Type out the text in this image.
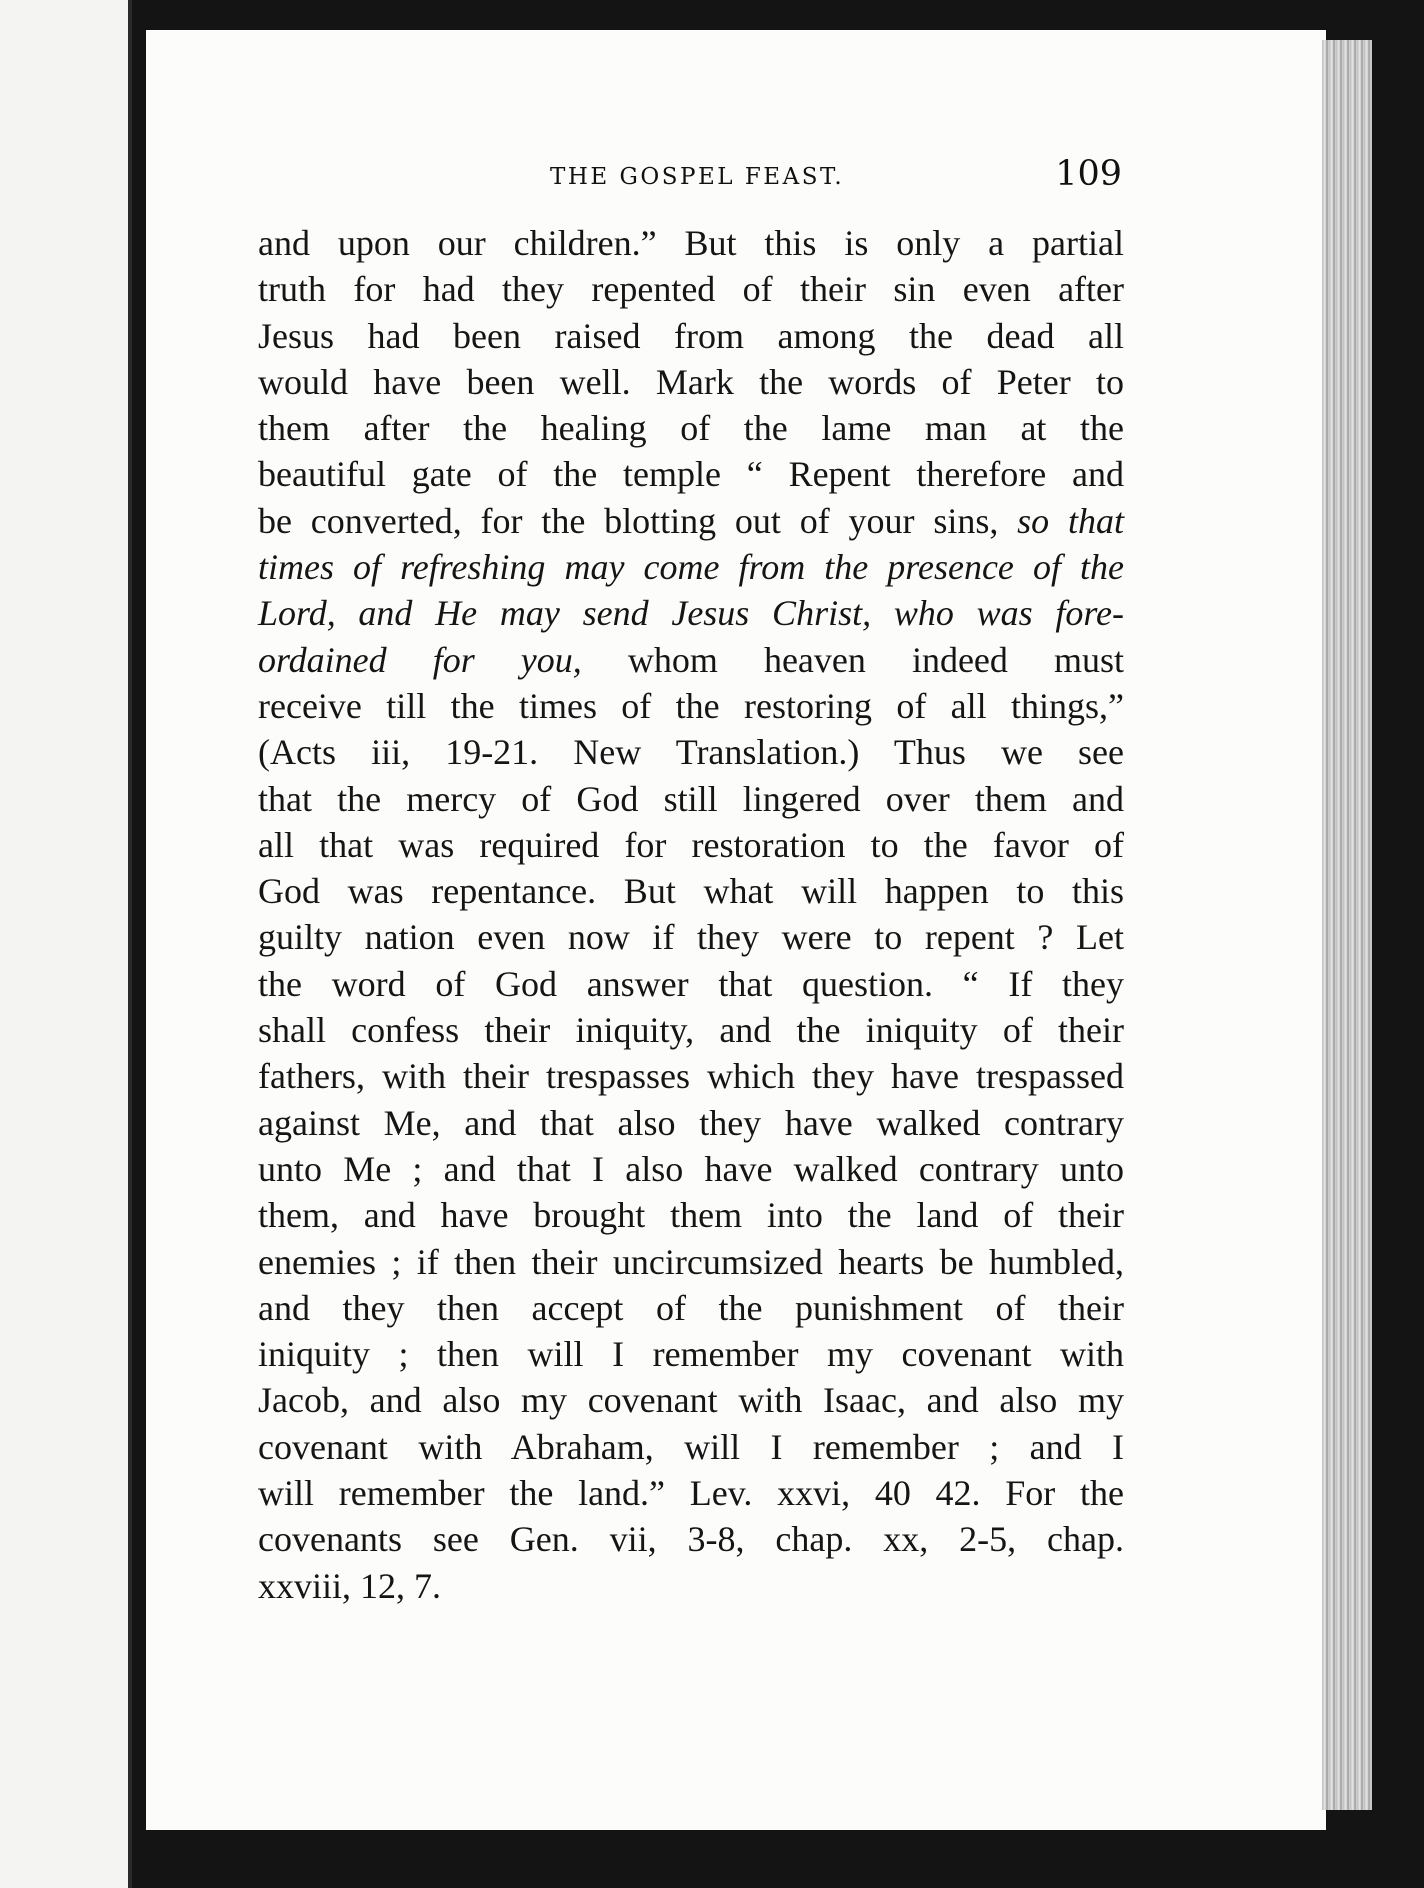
THE GOSPEL FEAST.	109
and upon our children.” But this is only a partial
truth for had they repented of their sin even after
Jesus had been raised from among the dead all
would have been well. Mark the words of Peter to
them after the healing of the lame man at the
beautiful gate of the temple “ Repent therefore and
be converted, for the blotting out of your sins, so that
times of refreshing may come from the presence of the
Lord, and He may send Jesus Christ, who was fore-
ordained for you, whom heaven indeed must
receive till the times of the restoring of all things,”
(Acts iii, 19-21. New Translation.) Thus we see
that the mercy of God still lingered over them and
all that was required for restoration to the favor of
God was repentance. But what will happen to this
guilty nation even now if they were to repent ? Let
the word of God answer that question. “ If they
shall confess their iniquity, and the iniquity of their
fathers, with their trespasses which they have trespassed
against Me, and that also they have walked contrary
unto Me ; and that I also have walked contrary unto
them, and have brought them into the land of their
enemies ; if then their uncircumsized hearts be humbled,
and they then accept of the punishment of their
iniquity ; then will I remember my covenant with
Jacob, and also my covenant with Isaac, and also my
covenant with Abraham, will I remember ; and I
will remember the land.” Lev. xxvi, 40 42. For the
covenants see Gen. vii, 3-8, chap. xx, 2-5, chap.
xxviii, 12, 7.
